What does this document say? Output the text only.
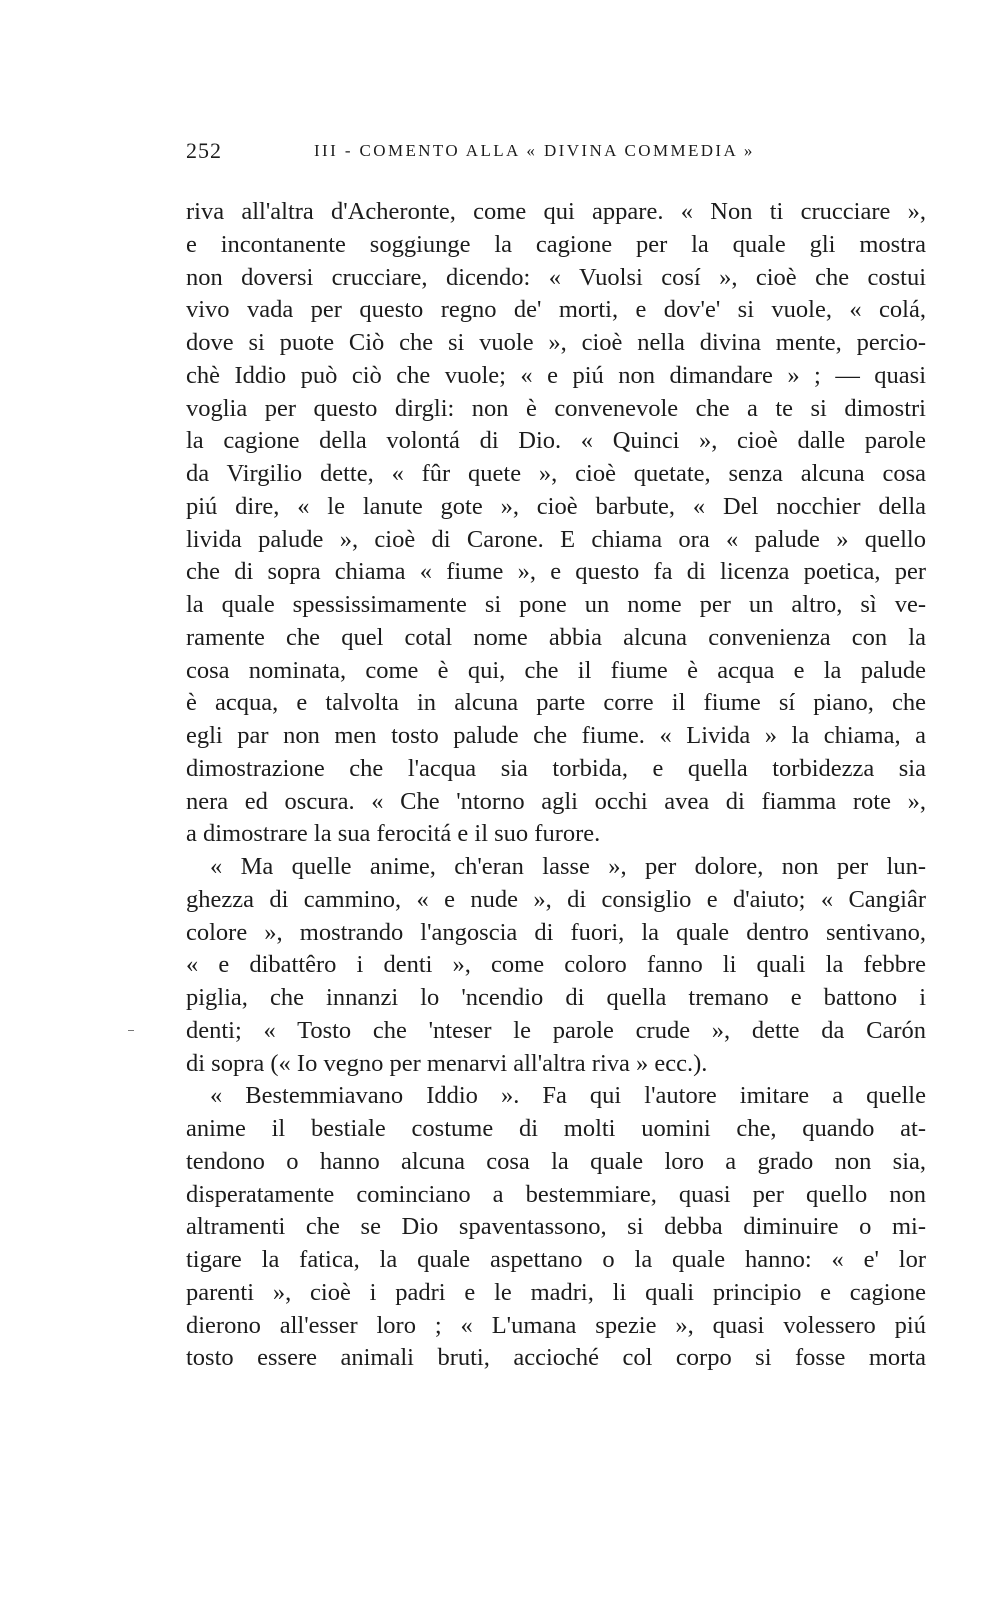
252	III - COMENTO ALLA « DIVINA COMMEDIA »
riva all'altra d'Acheronte, come qui appare. « Non ti crucciare »,
e incontanente soggiunge la cagione per la quale gli mostra
non doversi crucciare, dicendo: « Vuolsi cosí », cioè che costui
vivo vada per questo regno de' morti, e dov'e' si vuole, « colá,
dove si puote Ciò che si vuole », cioè nella divina mente, percio-
chè Iddio può ciò che vuole; « e piú non dimandare » ; — quasi
voglia per questo dirgli: non è convenevole che a te si dimostri
la cagione della volontá di Dio. « Quinci », cioè dalle parole
da Virgilio dette, « fûr quete », cioè quetate, senza alcuna cosa
piú dire, « le lanute gote », cioè barbute, « Del nocchier della
livida palude », cioè di Carone. E chiama ora « palude » quello
che di sopra chiama « fiume », e questo fa di licenza poetica, per
la quale spessissimamente si pone un nome per un altro, sì ve-
ramente che quel cotal nome abbia alcuna convenienza con la
cosa nominata, come è qui, che il fiume è acqua e la palude
è acqua, e talvolta in alcuna parte corre il fiume sí piano, che
egli par non men tosto palude che fiume. « Livida » la chiama, a
dimostrazione che l'acqua sia torbida, e quella torbidezza sia
nera ed oscura. « Che 'ntorno agli occhi avea di fiamma rote »,
a dimostrare la sua ferocitá e il suo furore.
« Ma quelle anime, ch'eran lasse », per dolore, non per lun-
ghezza di cammino, « e nude », di consiglio e d'aiuto; « Cangiâr
colore », mostrando l'angoscia di fuori, la quale dentro sentivano,
« e dibattêro i denti », come coloro fanno li quali la febbre
piglia, che innanzi lo 'ncendio di quella tremano e battono i
denti; « Tosto che 'nteser le parole crude », dette da Carón
di sopra (« Io vegno per menarvi all'altra riva » ecc.).
« Bestemmiavano Iddio ». Fa qui l'autore imitare a quelle
anime il bestiale costume di molti uomini che, quando at-
tendono o hanno alcuna cosa la quale loro a grado non sia,
disperatamente cominciano a bestemmiare, quasi per quello non
altramenti che se Dio spaventassono, si debba diminuire o mi-
tigare la fatica, la quale aspettano o la quale hanno: « e' lor
parenti », cioè i padri e le madri, li quali principio e cagione
dierono all'esser loro ; « L'umana spezie », quasi volessero piú
tosto essere animali bruti, accioché col corpo si fosse morta
